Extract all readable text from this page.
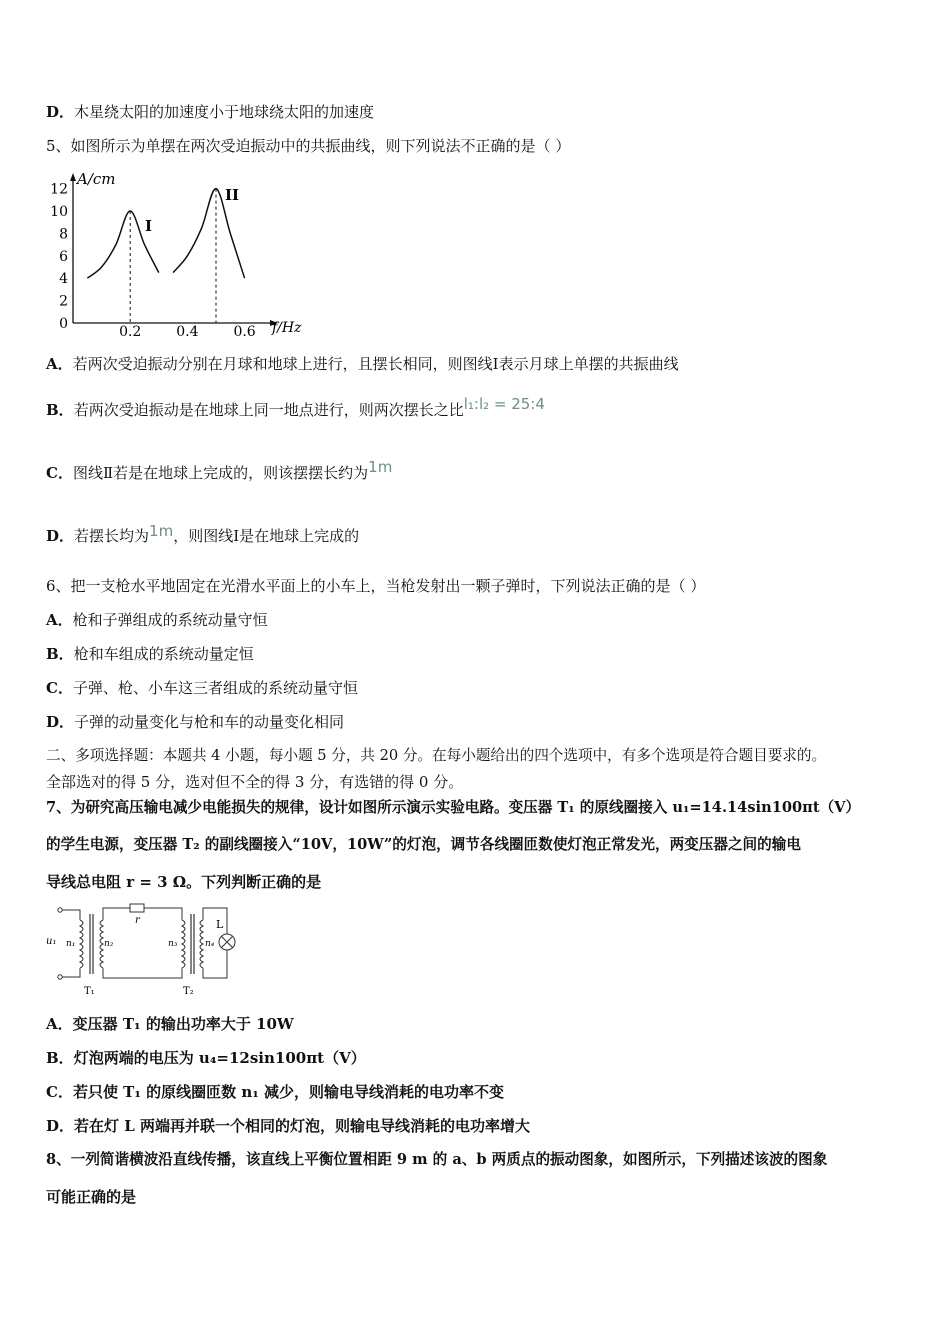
D．木星绕太阳的加速度小于地球绕太阳的加速度
5、如图所示为单摆在两次受迫振动中的共振曲线，则下列说法不正确的是（ ）
A/cm
f/Hz
12
10
8
6
4
2
0	0.2 0.4 0.6
I
II
A．若两次受迫振动分别在月球和地球上进行，且摆长相同，则图线Ⅰ表示月球上单摆的共振曲线
B．若两次受迫振动是在地球上同一地点进行，则两次摆长之比l₁:l₂ = 25:4
C．图线Ⅱ若是在地球上完成的，则该摆摆长约为1m
D．若摆长均为1m，则图线Ⅰ是在地球上完成的
6、把一支枪水平地固定在光滑水平面上的小车上，当枪发射出一颗子弹时，下列说法正确的是（ ）
A．枪和子弹组成的系统动量守恒
B．枪和车组成的系统动量定恒
C．子弹、枪、小车这三者组成的系统动量守恒
D．子弹的动量变化与枪和车的动量变化相同
二、多项选择题：本题共 4 小题，每小题 5 分，共 20 分。在每小题给出的四个选项中，有多个选项是符合题目要求的。
全部选对的得 5 分，选对但不全的得 3 分，有选错的得 0 分。
7、为研究高压输电减少电能损失的规律，设计如图所示演示实验电路。变压器 T₁ 的原线圈接入 u₁=14.14sin100πt（V）
的学生电源，变压器 T₂ 的副线圈接入“10V，10W”的灯泡，调节各线圈匝数使灯泡正常发光，两变压器之间的输电
导线总电阻 r = 3 Ω。下列判断正确的是
u₁ n₁	n₂
r
n₃	n₄
L
T₁	T₂
A．变压器 T₁ 的输出功率大于 10W
B．灯泡两端的电压为 u₄=12sin100πt（V）
C．若只使 T₁ 的原线圈匝数 n₁ 减少，则输电导线消耗的电功率不变
D．若在灯 L 两端再并联一个相同的灯泡，则输电导线消耗的电功率增大
8、一列简谐横波沿直线传播，该直线上平衡位置相距 9 m 的 a、b 两质点的振动图象，如图所示，下列描述该波的图象
可能正确的是
